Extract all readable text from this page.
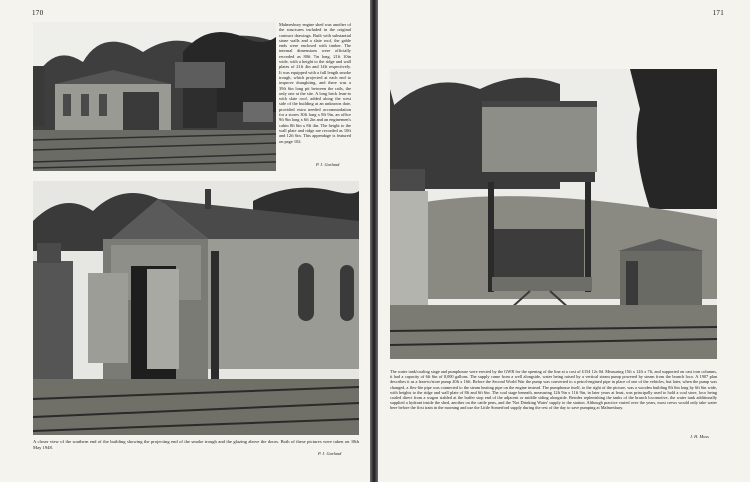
170
Malmesbury engine shed was another of the structures included in the original contract drawings. Built with substantial stone walls and a slate roof, the gable ends were enclosed with timber. The internal dimensions were officially recorded as 80ft 7in long, 21ft 10in wide, with a height to the ridge and wall plates of 21ft 4in and 14ft respectively. It was equipped with a full length smoke trough, which projected at each end to improve draughting, and there was a 39ft 6in long pit between the rails, the only one at the site. A long brick lean-to with slate roof, added along the west side of the building at an unknown date, provided extra needed accommodation for a stores 30ft long x 8ft 9in, an office 9ft 9in long x 6ft 2in and an enginemen's cabin 8ft 6in x 8ft 4in. The height to the wall plate and ridge are recorded as 10ft and 12ft 6in. This appendage is featured on page 102.
P. J. Garland
A closer view of the southern end of the building showing the projecting end of the smoke trough and the glazing above the doors. Both of these pictures were taken on 18th May 1948.
P. J. Garland
171
The water tank/coaling stage and pumphouse were erected by the GWR for the opening of the line at a cost of £154 12s 0d. Measuring 15ft x 12ft x 7ft, and supported on cast iron columns, it had a capacity of 6ft 6in of 8,000 gallons. The supply came from a well alongside, water being raised by a vertical steam pump powered by steam from the branch loco. A 1907 plan describes it as a lean-to/store pump 20ft x 16ft. Before the Second World War the pump was converted to a petrol-engined pipe in place of one of the vehicles, but later, when the pump was changed, a flex-lite pipe was connected to the steam heating pipe on the engine instead. The pumphouse itself, to the right of the picture, was a wooden building 8ft 6in long by 6ft 6in wide, with heights to the ridge and wall plate of 8ft and 6ft 6in. The coal stage beneath, measuring 12ft 9in x 11ft 9in, in later years at least, was principally used to hold a coal store, loco being coaled direct from a wagon stabled at the buffer stop end of the adjacent or middle siding alongside. Besides replenishing the tanks of the branch locomotive, the water tank additionally supplied a hydrant inside the shed, another on the cattle pens, and the 'Not Drinking Water' supply to the station. Although practice varied over the years, most crews would only take water here before the first train in the morning and use the Little Somerford supply during the rest of the day to save pumping at Malmesbury.
J. H. Moss
